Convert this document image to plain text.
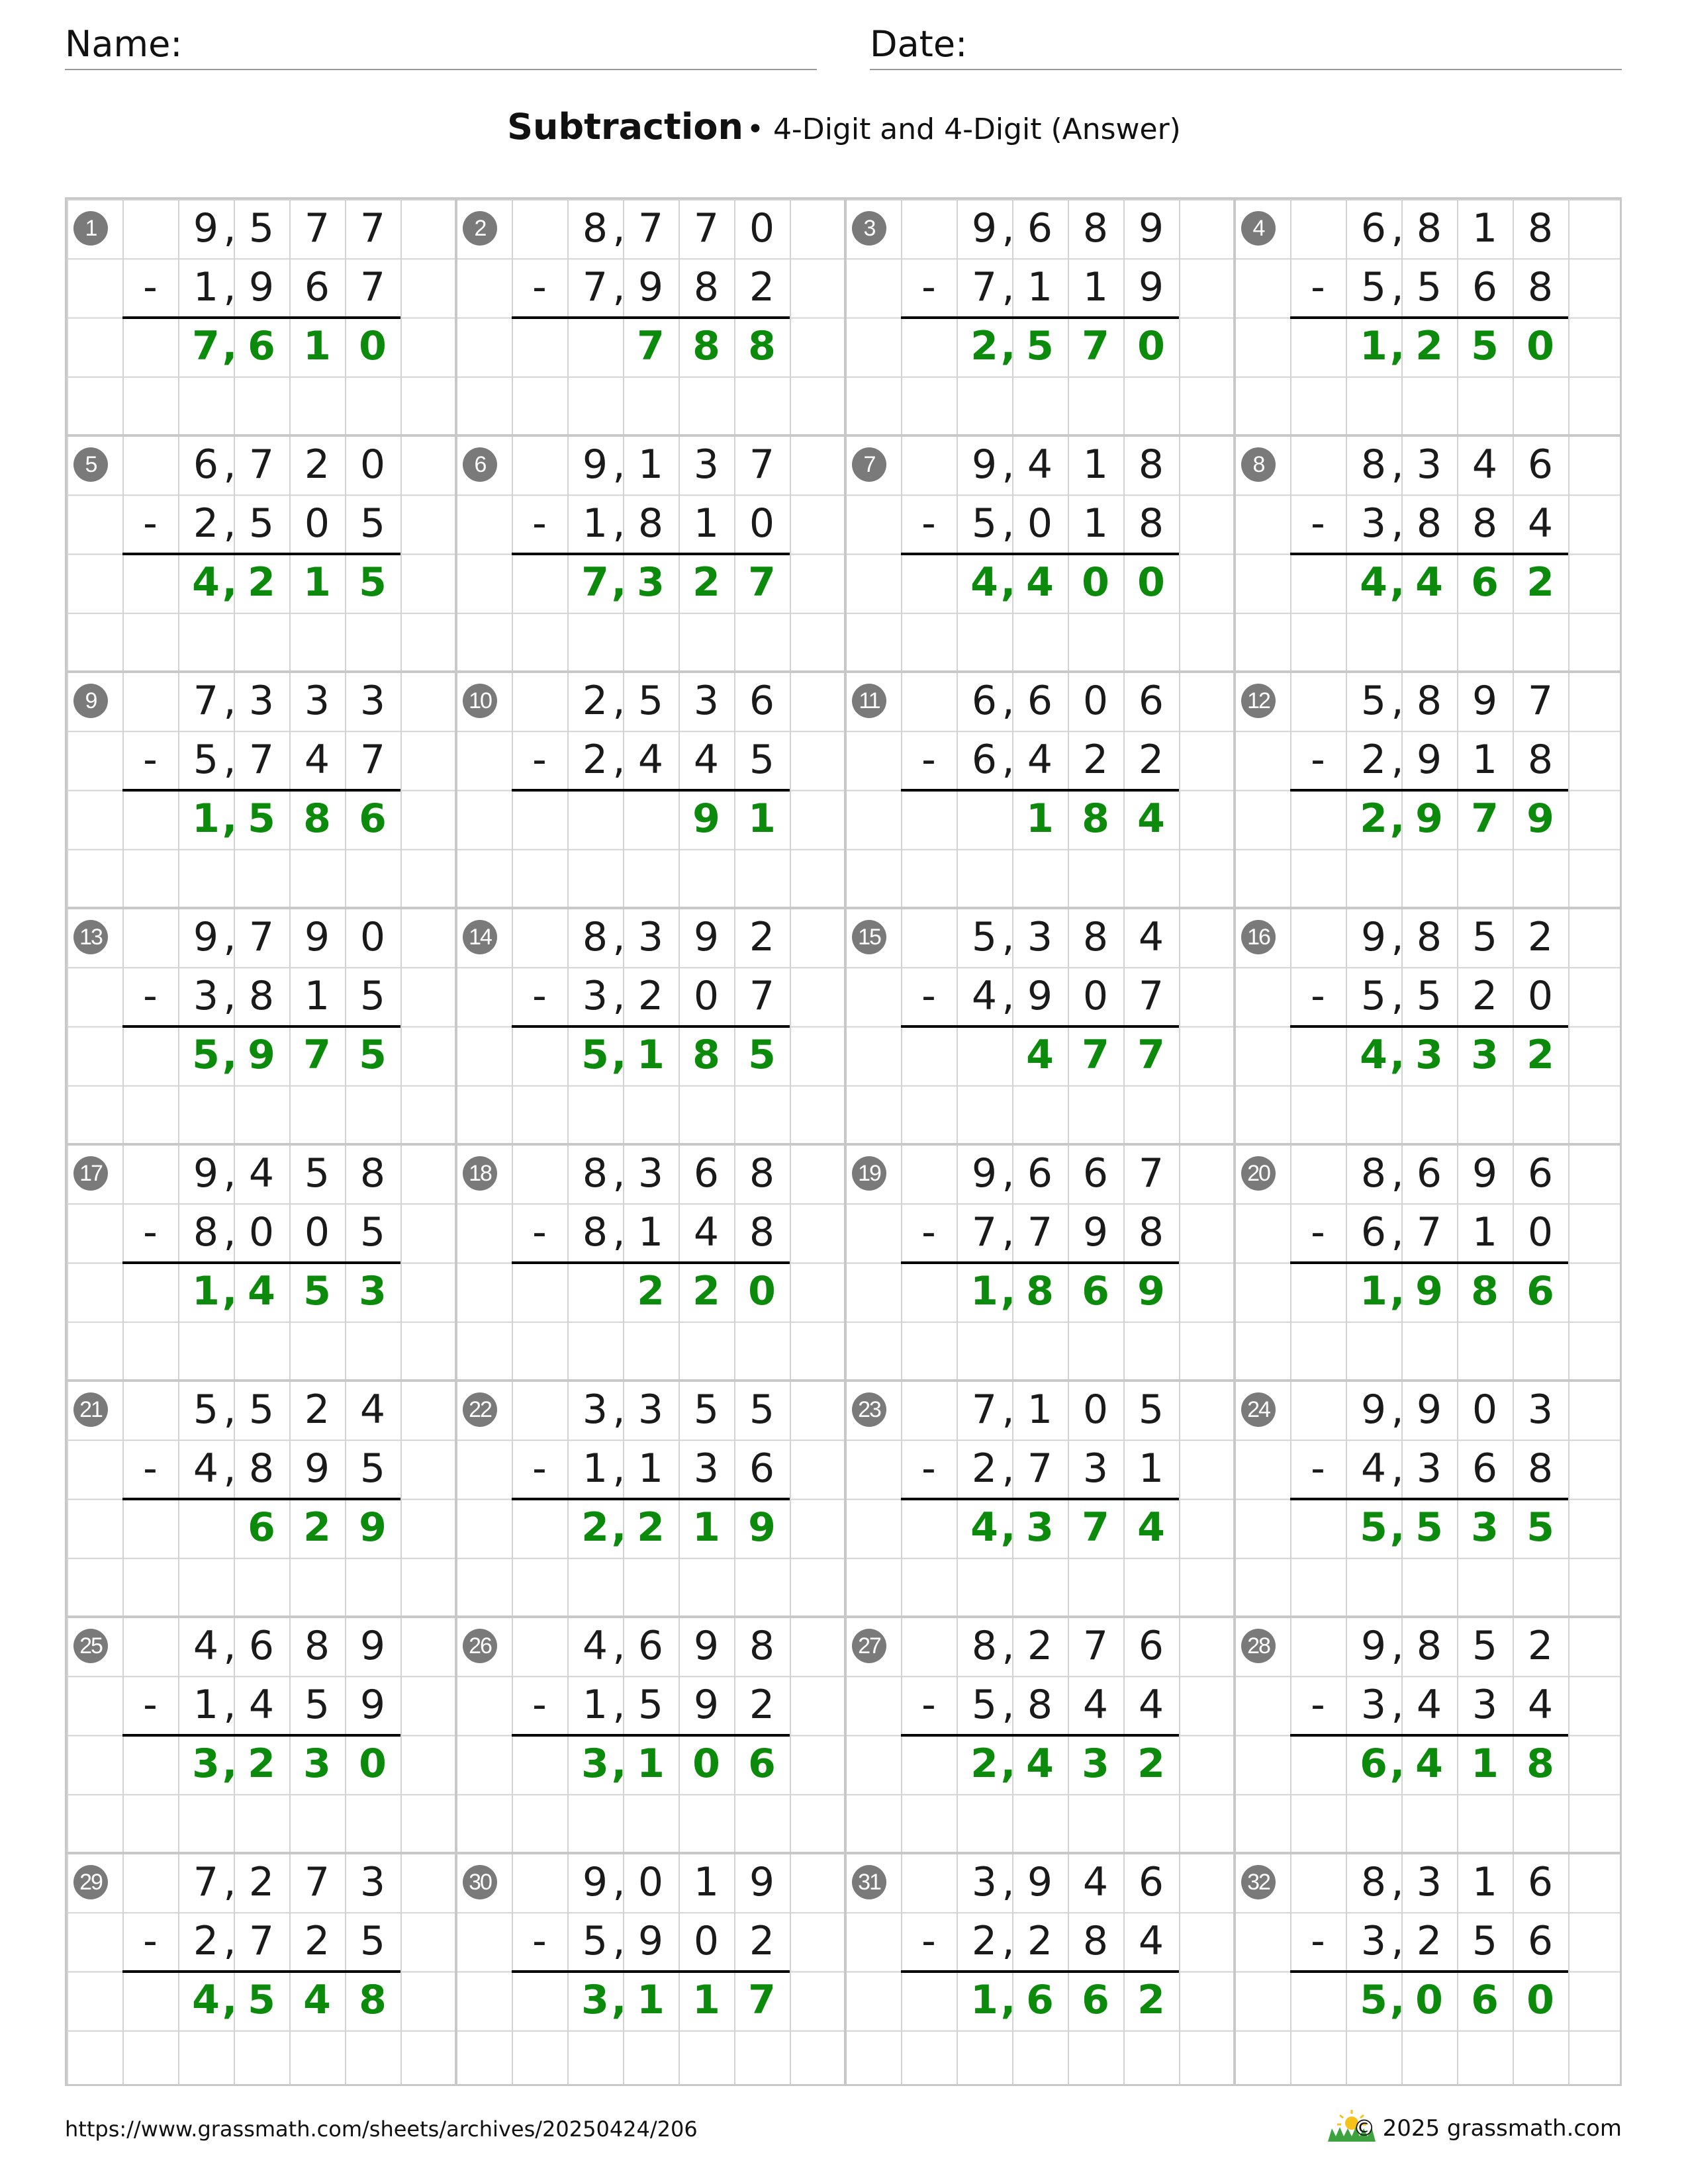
Name:	Date:
Subtraction • 4-Digit and 4-Digit (Answer)
1	9 5 7 7
,
- 1 9 6 7
,
7 6 1 0
,
2	8 7 7 0
,
- 7 9 8 2
,
7 8 8
3	9 6 8 9
,
- 7 1 1 9
,
2 5 7 0
,
4	6 8 1 8
,
- 5 5 6 8
,
1 2 5 0
,
5	6 7 2 0
,
- 2 5 0 5
,
4 2 1 5
,
6	9 1 3 7
,
- 1 8 1 0
,
7 3 2 7
,
7	9 4 1 8
,
- 5 0 1 8
,
4 4 0 0
,
8	8 3 4 6
,
- 3 8 8 4
,
4 4 6 2
,
9	7 3 3 3
,
- 5 7 4 7
,
1 5 8 6
,
10	2 5 3 6
,
- 2 4 4 5
,
9 1
11	6 6 0 6
,
- 6 4 2 2
,
1 8 4
12	5 8 9 7
,
- 2 9 1 8
,
2 9 7 9
,
13	9 7 9 0
,
- 3 8 1 5
,
5 9 7 5
,
14	8 3 9 2
,
- 3 2 0 7
,
5 1 8 5
,
15	5 3 8 4
,
- 4 9 0 7
,
4 7 7
16	9 8 5 2
,
- 5 5 2 0
,
4 3 3 2
,
17	9 4 5 8
,
- 8 0 0 5
,
1 4 5 3
,
18	8 3 6 8
,
- 8 1 4 8
,
2 2 0
19	9 6 6 7
,
- 7 7 9 8
,
1 8 6 9
,
20	8 6 9 6
,
- 6 7 1 0
,
1 9 8 6
,
21	5 5 2 4
,
- 4 8 9 5
,
6 2 9
22	3 3 5 5
,
- 1 1 3 6
,
2 2 1 9
,
23	7 1 0 5
,
- 2 7 3 1
,
4 3 7 4
,
24	9 9 0 3
,
- 4 3 6 8
,
5 5 3 5
,
25	4 6 8 9
,
- 1 4 5 9
,
3 2 3 0
,
26	4 6 9 8
,
- 1 5 9 2
,
3 1 0 6
,
27	8 2 7 6
,
- 5 8 4 4
,
2 4 3 2
,
28	9 8 5 2
,
- 3 4 3 4
,
6 4 1 8
,
29	7 2 7 3
,
- 2 7 2 5
,
4 5 4 8
,
30	9 0 1 9
,
- 5 9 0 2
,
3 1 1 7
,
31	3 9 4 6
,
- 2 2 8 4
,
1 6 6 2
,
32	8 3 1 6
,
- 3 2 5 6
,
5 0 6 0
,
https://www.grassmath.com/sheets/archives/20250424/206	© 2025 grassmath.com
